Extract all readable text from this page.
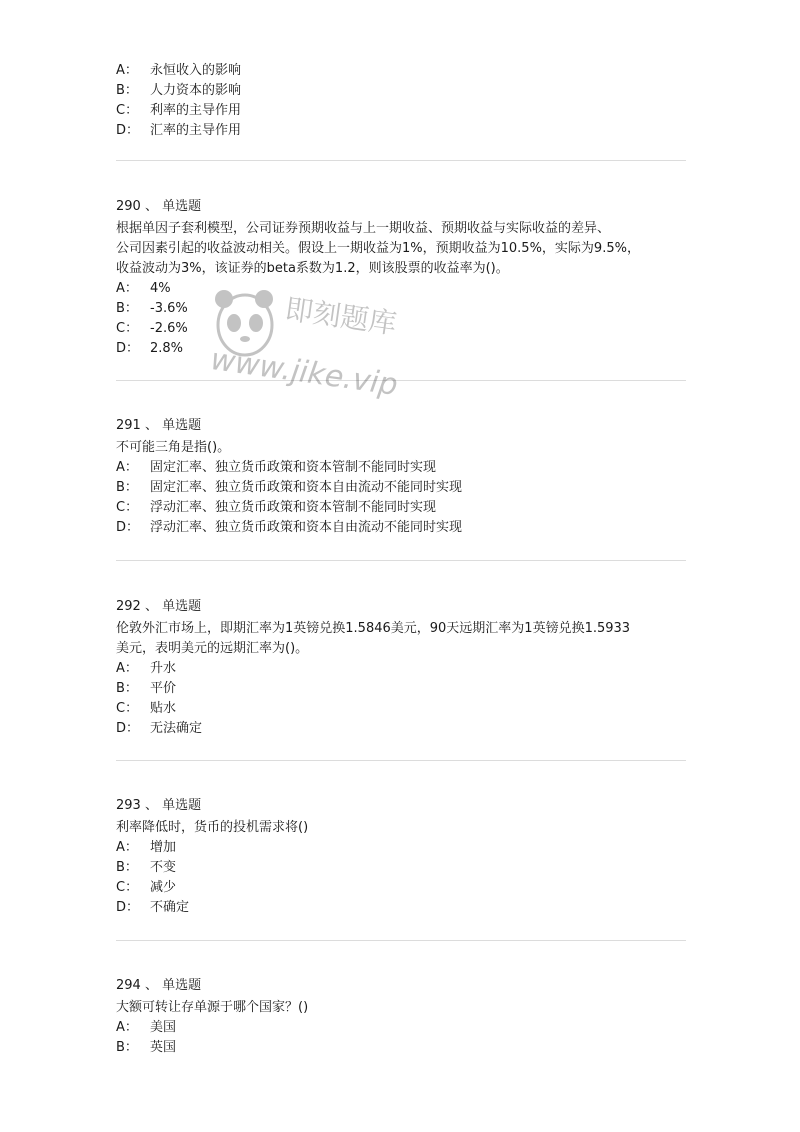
A： 永恒收入的影响
B： 人力资本的影响
C： 利率的主导作用
D： 汇率的主导作用
290 、 单选题
根据单因子套利模型，公司证券预期收益与上一期收益、预期收益与实际收益的差异、
公司因素引起的收益波动相关。假设上一期收益为1%，预期收益为10.5%，实际为9.5%，
收益波动为3%，该证券的beta系数为1.2，则该股票的收益率为()。
A： 4%
B： -3.6%
C： -2.6%
D： 2.8%
291 、 单选题
不可能三角是指()。
A： 固定汇率、独立货币政策和资本管制不能同时实现
B： 固定汇率、独立货币政策和资本自由流动不能同时实现
C： 浮动汇率、独立货币政策和资本管制不能同时实现
D： 浮动汇率、独立货币政策和资本自由流动不能同时实现
292 、 单选题
伦敦外汇市场上，即期汇率为1英镑兑换1.5846美元，90天远期汇率为1英镑兑换1.5933
美元，表明美元的远期汇率为()。
A： 升水
B： 平价
C： 贴水
D： 无法确定
293 、 单选题
利率降低时，货币的投机需求将()
A： 增加
B： 不变
C： 减少
D： 不确定
294 、 单选题
大额可转让存单源于哪个国家？()
A： 美国
B： 英国
即刻题库
www.jike.vip
